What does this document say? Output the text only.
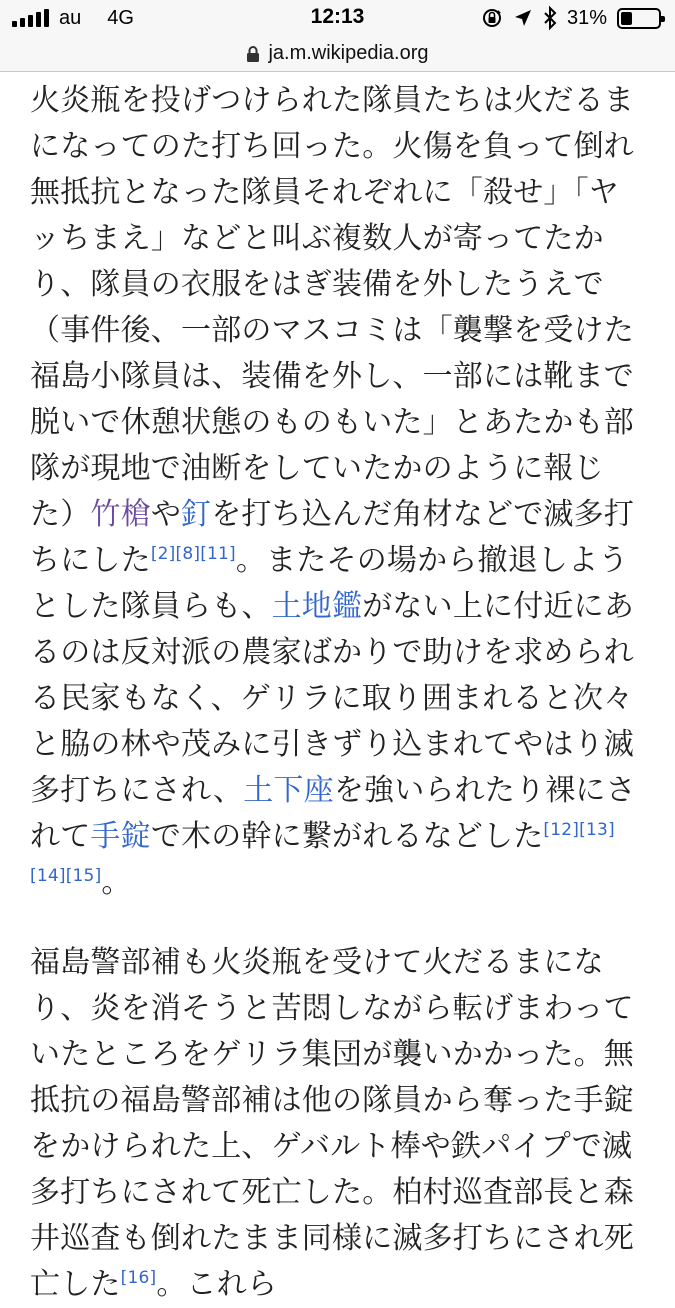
au 4G	12:13	31%
ja.m.wikipedia.org

火炎瓶を投げつけられた隊員たちは火だるまになってのた打ち回った。火傷を負って倒れ無抵抗となった隊員それぞれに「殺せ」「ヤッちまえ」などと叫ぶ複数人が寄ってたかり、隊員の衣服をはぎ装備を外したうえで（事件後、一部のマスコミは「襲撃を受けた福島小隊員は、装備を外し、一部には靴まで脱いで休憩状態のものもいた」とあたかも部隊が現地で油断をしていたかのように報じた）竹槍や釘を打ち込んだ角材などで滅多打ちにした[2][8][11]。またその場から撤退しようとした隊員らも、土地鑑がない上に付近にあるのは反対派の農家ばかりで助けを求められる民家もなく、ゲリラに取り囲まれると次々と脇の林や茂みに引きずり込まれてやはり滅多打ちにされ、土下座を強いられたり裸にされて手錠で木の幹に繋がれるなどした[12][13][14][15]。

福島警部補も火炎瓶を受けて火だるまになり、炎を消そうと苦悶しながら転げまわっていたところをゲリラ集団が襲いかかった。無抵抗の福島警部補は他の隊員から奪った手錠をかけられた上、ゲバルト棒や鉄パイプで滅多打ちにされて死亡した。柏村巡査部長と森井巡査も倒れたまま同様に滅多打ちにされ死亡した[16]。これら
